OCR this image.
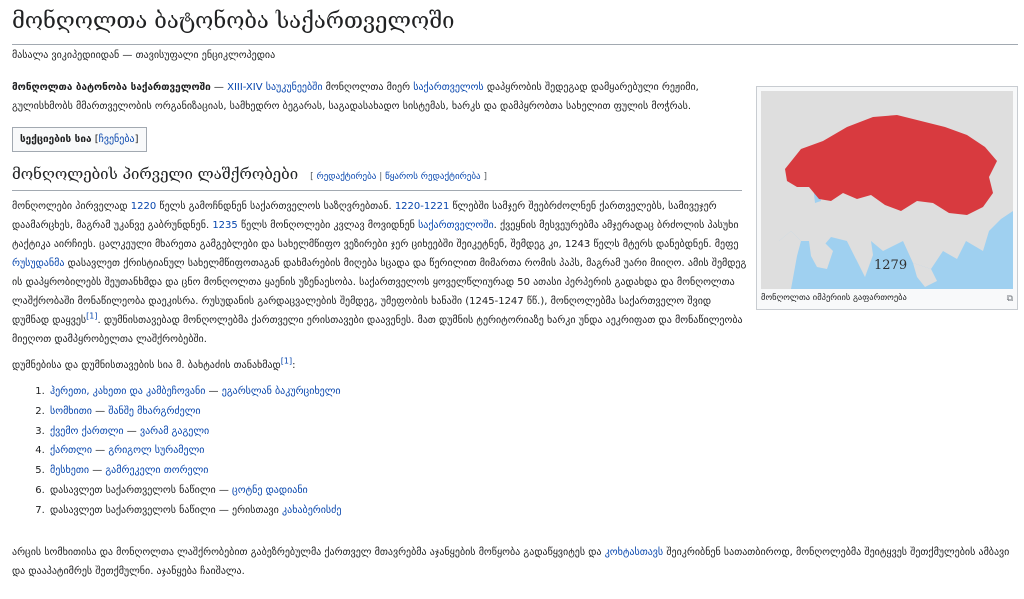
მონღოლთა ბატონობა საქართველოში
მასალა ვიკიპედიიდან — თავისუფალი ენციკლოპედია

მონღოლთა ბატონობა საქართველოში — XIII-XIV საუკუნეებში მონღოლთა მიერ საქართველოს დაპყრობის შედეგად დამყარებული რეჟიმი, გულისხმობს მმართველობის ორგანიზაციას, სამხედრო ბეგარას, საგადასახადო სისტემას, ხარკს და დამპყრობთა სახელით ფულის მოჭრას.

სექციების სია [ჩვენება]
მონღოლების პირველი ლაშქრობები [ რედაქტირება | წყაროს რედაქტირება ]

მონღოლები პირველად 1220 წელს გამოჩნდნენ საქართველოს საზღვრებთან. 1220-1221 წლებში სამჯერ შეებრძოლნენ ქართველებს, სამივეჯერ დაამარცხეს, მაგრამ უკანვე გაბრუნდნენ. 1235 წელს მონღოლები კვლავ მოვიდნენ საქართველოში. ქვეყნის მესვეურებმა ამჯერადაც ბრძოლის პასუხი ტაქტიკა აირჩიეს. ცალკეული მხარეთა გამგებლები და სახელმწიფო ვეზირები ჯერ ციხეებში შეიკეტნენ, შემდეგ კი, 1243 წელს მტერს დანებდნენ. მეფე რუსუდანმა დასავლეთ ქრისტიანულ სახელმწიფოთაგან დახმარების მიღება სცადა და წერილით მიმართა რომის პაპს, მაგრამ უარი მიიღო. ამის შემდეგ ის დაპყრობილებს შეუთანხმდა და ცნო მონღოლთა ყაენის უზენაესობა. საქართველოს ყოველწლიურად 50 ათასი პერპერის გადახდა და მონღოლთა ლაშქრობაში მონაწილეობა დაეკისრა. რუსუდანის გარდაცვალების შემდეგ, უმეფობის ხანაში (1245-1247 წწ.), მონღოლებმა საქართველო შვიდ დუმნად დაყვეს[1]. დუმნისთავებად მონღოლებმა ქართველი ერისთავები დაავენეს. მათ დუმნის ტერიტორიაზე ხარკი უნდა აეკრიფათ და მონაწილეობა მიეღოთ დამპყრობელთა ლაშქრობებში.

დუმნებისა და დუმნისთავების სია მ. ბახტაძის თანახმად[1]:

1. ჰერეთი, კახეთი და კამბეჩოვანი — ეგარსლან ბაკურციხელი
2. სომხითი — შანშე მხარგრძელი
3. ქვემო ქართლი — ვარამ გაგელი
4. ქართლი — გრიგოლ სურამელი
5. მესხეთი — გამრეკელი თორელი
6. დასავლეთ საქართველოს ნაწილი — ცოტნე დადიანი
7. დასავლეთ საქართველოს ნაწილი — ერისთავი კახაბერისძე
1279
მონღოლთა იმპერიის გაფართოება	⧉

არცის სომხითისა და მონღოლთა ლაშქრობებით გაბეზრებულმა ქართველ მთავრებმა აჯანყების მოწყობა გადაწყვიტეს და კოხტასთავს შეიკრიბნენ სათათბიროდ, მონღოლებმა შეიტყვეს შეთქმულების ამბავი და დააპატიმრეს შეთქმულნი. აჯანყება ჩაიშალა.
